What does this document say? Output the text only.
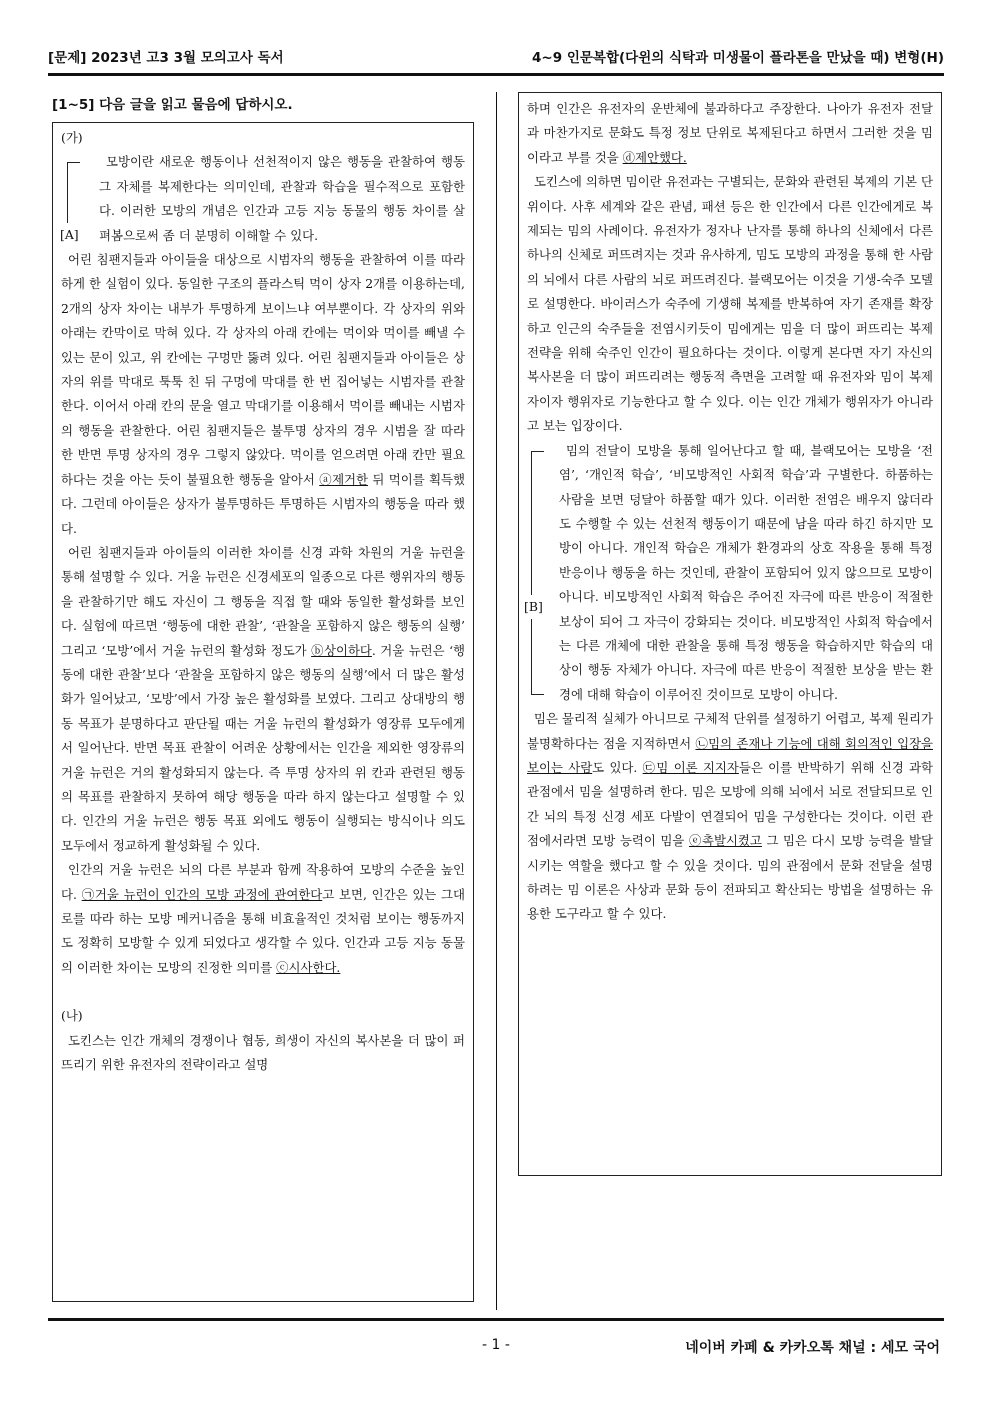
[문제] 2023년 고3 3월 모의고사 독서	4~9 인문복합(다윈의 식탁과 미생물이 플라톤을 만났을 때) 변형(H)
[1~5] 다음 글을 읽고 물음에 답하시오.

(가)

[A]

모방이란 새로운 행동이나 선천적이지 않은 행동을 관찰하여 행동 그 자체를 복제한다는 의미인데, 관찰과 학습을 필수적으로 포함한다. 이러한 모방의 개념은 인간과 고등 지능 동물의 행동 차이를 살펴봄으로써 좀 더 분명히 이해할 수 있다.

어린 침팬지들과 아이들을 대상으로 시범자의 행동을 관찰하여 이를 따라 하게 한 실험이 있다. 동일한 구조의 플라스틱 먹이 상자 2개를 이용하는데, 2개의 상자 차이는 내부가 투명하게 보이느냐 여부뿐이다. 각 상자의 위와 아래는 칸막이로 막혀 있다. 각 상자의 아래 칸에는 먹이와 먹이를 빼낼 수 있는 문이 있고, 위 칸에는 구멍만 뚫려 있다. 어린 침팬지들과 아이들은 상자의 위를 막대로 툭툭 친 뒤 구멍에 막대를 한 번 집어넣는 시범자를 관찰한다. 이어서 아래 칸의 문을 열고 막대기를 이용해서 먹이를 빼내는 시범자의 행동을 관찰한다. 어린 침팬지들은 불투명 상자의 경우 시범을 잘 따라 한 반면 투명 상자의 경우 그렇지 않았다. 먹이를 얻으려면 아래 칸만 필요하다는 것을 아는 듯이 불필요한 행동을 알아서 ⓐ제거한 뒤 먹이를 획득했다. 그런데 아이들은 상자가 불투명하든 투명하든 시범자의 행동을 따라 했다.

어린 침팬지들과 아이들의 이러한 차이를 신경 과학 차원의 거울 뉴런을 통해 설명할 수 있다. 거울 뉴런은 신경세포의 일종으로 다른 행위자의 행동을 관찰하기만 해도 자신이 그 행동을 직접 할 때와 동일한 활성화를 보인다. 실험에 따르면 ‘행동에 대한 관찰’, ‘관찰을 포함하지 않은 행동의 실행’ 그리고 ‘모방’에서 거울 뉴런의 활성화 정도가 ⓑ상이하다. 거울 뉴런은 ‘행동에 대한 관찰’보다 ‘관찰을 포함하지 않은 행동의 실행’에서 더 많은 활성화가 일어났고, ‘모방’에서 가장 높은 활성화를 보였다. 그리고 상대방의 행동 목표가 분명하다고 판단될 때는 거울 뉴런의 활성화가 영장류 모두에게서 일어난다. 반면 목표 관찰이 어려운 상황에서는 인간을 제외한 영장류의 거울 뉴런은 거의 활성화되지 않는다. 즉 투명 상자의 위 칸과 관련된 행동의 목표를 관찰하지 못하여 해당 행동을 따라 하지 않는다고 설명할 수 있다. 인간의 거울 뉴런은 행동 목표 외에도 행동이 실행되는 방식이나 의도 모두에서 정교하게 활성화될 수 있다.

인간의 거울 뉴런은 뇌의 다른 부분과 함께 작용하여 모방의 수준을 높인다. ㉠거울 뉴런이 인간의 모방 과정에 관여한다고 보면, 인간은 있는 그대로를 따라 하는 모방 메커니즘을 통해 비효율적인 것처럼 보이는 행동까지도 정확히 모방할 수 있게 되었다고 생각할 수 있다. 인간과 고등 지능 동물의 이러한 차이는 모방의 진정한 의미를 ⓒ시사한다.

(나)

도킨스는 인간 개체의 경쟁이나 협동, 희생이 자신의 복사본을 더 많이 퍼뜨리기 위한 유전자의 전략이라고 설명

하며 인간은 유전자의 운반체에 불과하다고 주장한다. 나아가 유전자 전달과 마찬가지로 문화도 특정 정보 단위로 복제된다고 하면서 그러한 것을 밈이라고 부를 것을 ⓓ제안했다.

도킨스에 의하면 밈이란 유전과는 구별되는, 문화와 관련된 복제의 기본 단위이다. 사후 세계와 같은 관념, 패션 등은 한 인간에서 다른 인간에게로 복제되는 밈의 사례이다. 유전자가 정자나 난자를 통해 하나의 신체에서 다른 하나의 신체로 퍼뜨려지는 것과 유사하게, 밈도 모방의 과정을 통해 한 사람의 뇌에서 다른 사람의 뇌로 퍼뜨려진다. 블랙모어는 이것을 기생-숙주 모델로 설명한다. 바이러스가 숙주에 기생해 복제를 반복하여 자기 존재를 확장하고 인근의 숙주들을 전염시키듯이 밈에게는 밈을 더 많이 퍼뜨리는 복제 전략을 위해 숙주인 인간이 필요하다는 것이다. 이렇게 본다면 자기 자신의 복사본을 더 많이 퍼뜨리려는 행동적 측면을 고려할 때 유전자와 밈이 복제자이자 행위자로 기능한다고 할 수 있다. 이는 인간 개체가 행위자가 아니라고 보는 입장이다.

[B]

밈의 전달이 모방을 통해 일어난다고 할 때, 블랙모어는 모방을 ‘전염’, ‘개인적 학습’, ‘비모방적인 사회적 학습’과 구별한다. 하품하는 사람을 보면 덩달아 하품할 때가 있다. 이러한 전염은 배우지 않더라도 수행할 수 있는 선천적 행동이기 때문에 남을 따라 하긴 하지만 모방이 아니다. 개인적 학습은 개체가 환경과의 상호 작용을 통해 특정 반응이나 행동을 하는 것인데, 관찰이 포함되어 있지 않으므로 모방이 아니다. 비모방적인 사회적 학습은 주어진 자극에 따른 반응이 적절한 보상이 되어 그 자극이 강화되는 것이다. 비모방적인 사회적 학습에서는 다른 개체에 대한 관찰을 통해 특정 행동을 학습하지만 학습의 대상이 행동 자체가 아니다. 자극에 따른 반응이 적절한 보상을 받는 환경에 대해 학습이 이루어진 것이므로 모방이 아니다.

밈은 물리적 실체가 아니므로 구체적 단위를 설정하기 어렵고, 복제 원리가 불명확하다는 점을 지적하면서 ㉡밈의 존재나 기능에 대해 회의적인 입장을 보이는 사람도 있다. ㉢밈 이론 지지자들은 이를 반박하기 위해 신경 과학 관점에서 밈을 설명하려 한다. 밈은 모방에 의해 뇌에서 뇌로 전달되므로 인간 뇌의 특정 신경 세포 다발이 연결되어 밈을 구성한다는 것이다. 이런 관점에서라면 모방 능력이 밈을 ⓔ촉발시켰고 그 밈은 다시 모방 능력을 발달시키는 역할을 했다고 할 수 있을 것이다. 밈의 관점에서 문화 전달을 설명하려는 밈 이론은 사상과 문화 등이 전파되고 확산되는 방법을 설명하는 유용한 도구라고 할 수 있다.

- 1 -	네이버 카페 & 카카오톡 채널 : 세모 국어
